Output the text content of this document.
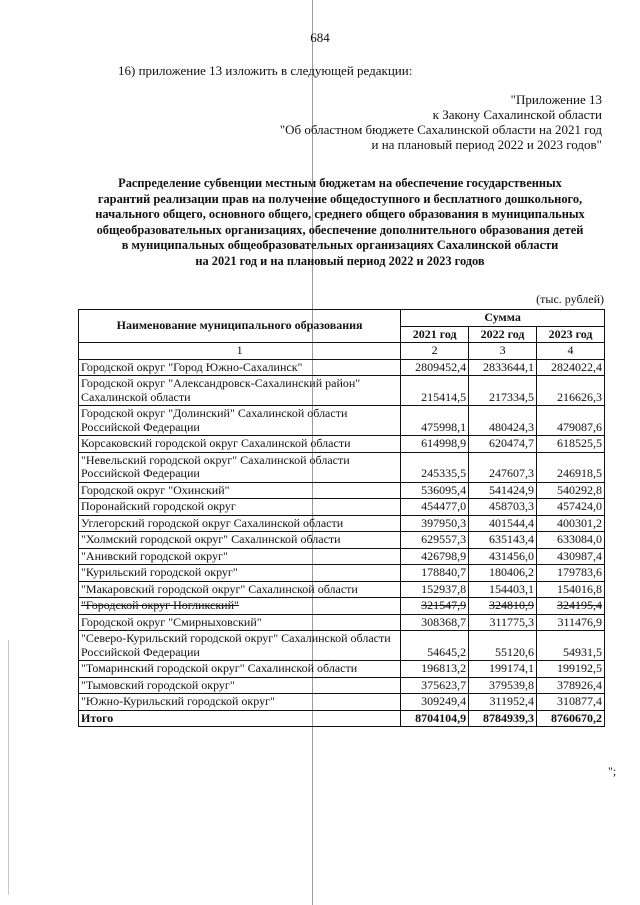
684
16) приложение 13 изложить в следующей редакции:
"Приложение 13
к Закону Сахалинской области
"Об областном бюджете Сахалинской области на 2021 год
и на плановый период 2022 и 2023 годов"
Распределение субвенции местным бюджетам на обеспечение государственных
гарантий реализации прав на получение общедоступного и бесплатного дошкольного,
начального общего, основного общего, среднего общего образования в муниципальных
общеобразовательных организациях, обеспечение дополнительного образования детей
в муниципальных общеобразовательных организациях Сахалинской области
на 2021 год и на плановый период 2022 и 2023 годов
(тыс. рублей)
Наименование муниципального образования	Сумма		
	2021 год	2022 год	2023 год
1	2	3	4
Городской округ "Город Южно-Сахалинск"	2809452,4	2833644,1	2824022,4
Городской округ "Александровск-Сахалинский район" Сахалинской области	215414,5	217334,5	216626,3
Городской округ "Долинский" Сахалинской области Российской Федерации	475998,1	480424,3	479087,6
Корсаковский городской округ Сахалинской области	614998,9	620474,7	618525,5
"Невельский городской округ" Сахалинской области Российской Федерации	245335,5	247607,3	246918,5
Городской округ "Охинский"	536095,4	541424,9	540292,8
Поронайский городской округ	454477,0	458703,3	457424,0
Углегорский городской округ Сахалинской области	397950,3	401544,4	400301,2
"Холмский городской округ" Сахалинской области	629557,3	635143,4	633084,0
"Анивский городской округ"	426798,9	431456,0	430987,4
"Курильский городской округ"	178840,7	180406,2	179783,6
"Макаровский городской округ" Сахалинской области	152937,8	154403,1	154016,8
"Городской округ Ногликский"	321547,9	324810,9	324195,4
Городской округ "Смирныховский"	308368,7	311775,3	311476,9
"Северо-Курильский городской округ" Сахалинской области Российской Федерации	54645,2	55120,6	54931,5
"Томаринский городской округ" Сахалинской области	196813,2	199174,1	199192,5
"Тымовский городской округ"	375623,7	379539,8	378926,4
"Южно-Курильский городской округ"	309249,4	311952,4	310877,4
Итого	8704104,9	8784939,3	8760670,2
";
